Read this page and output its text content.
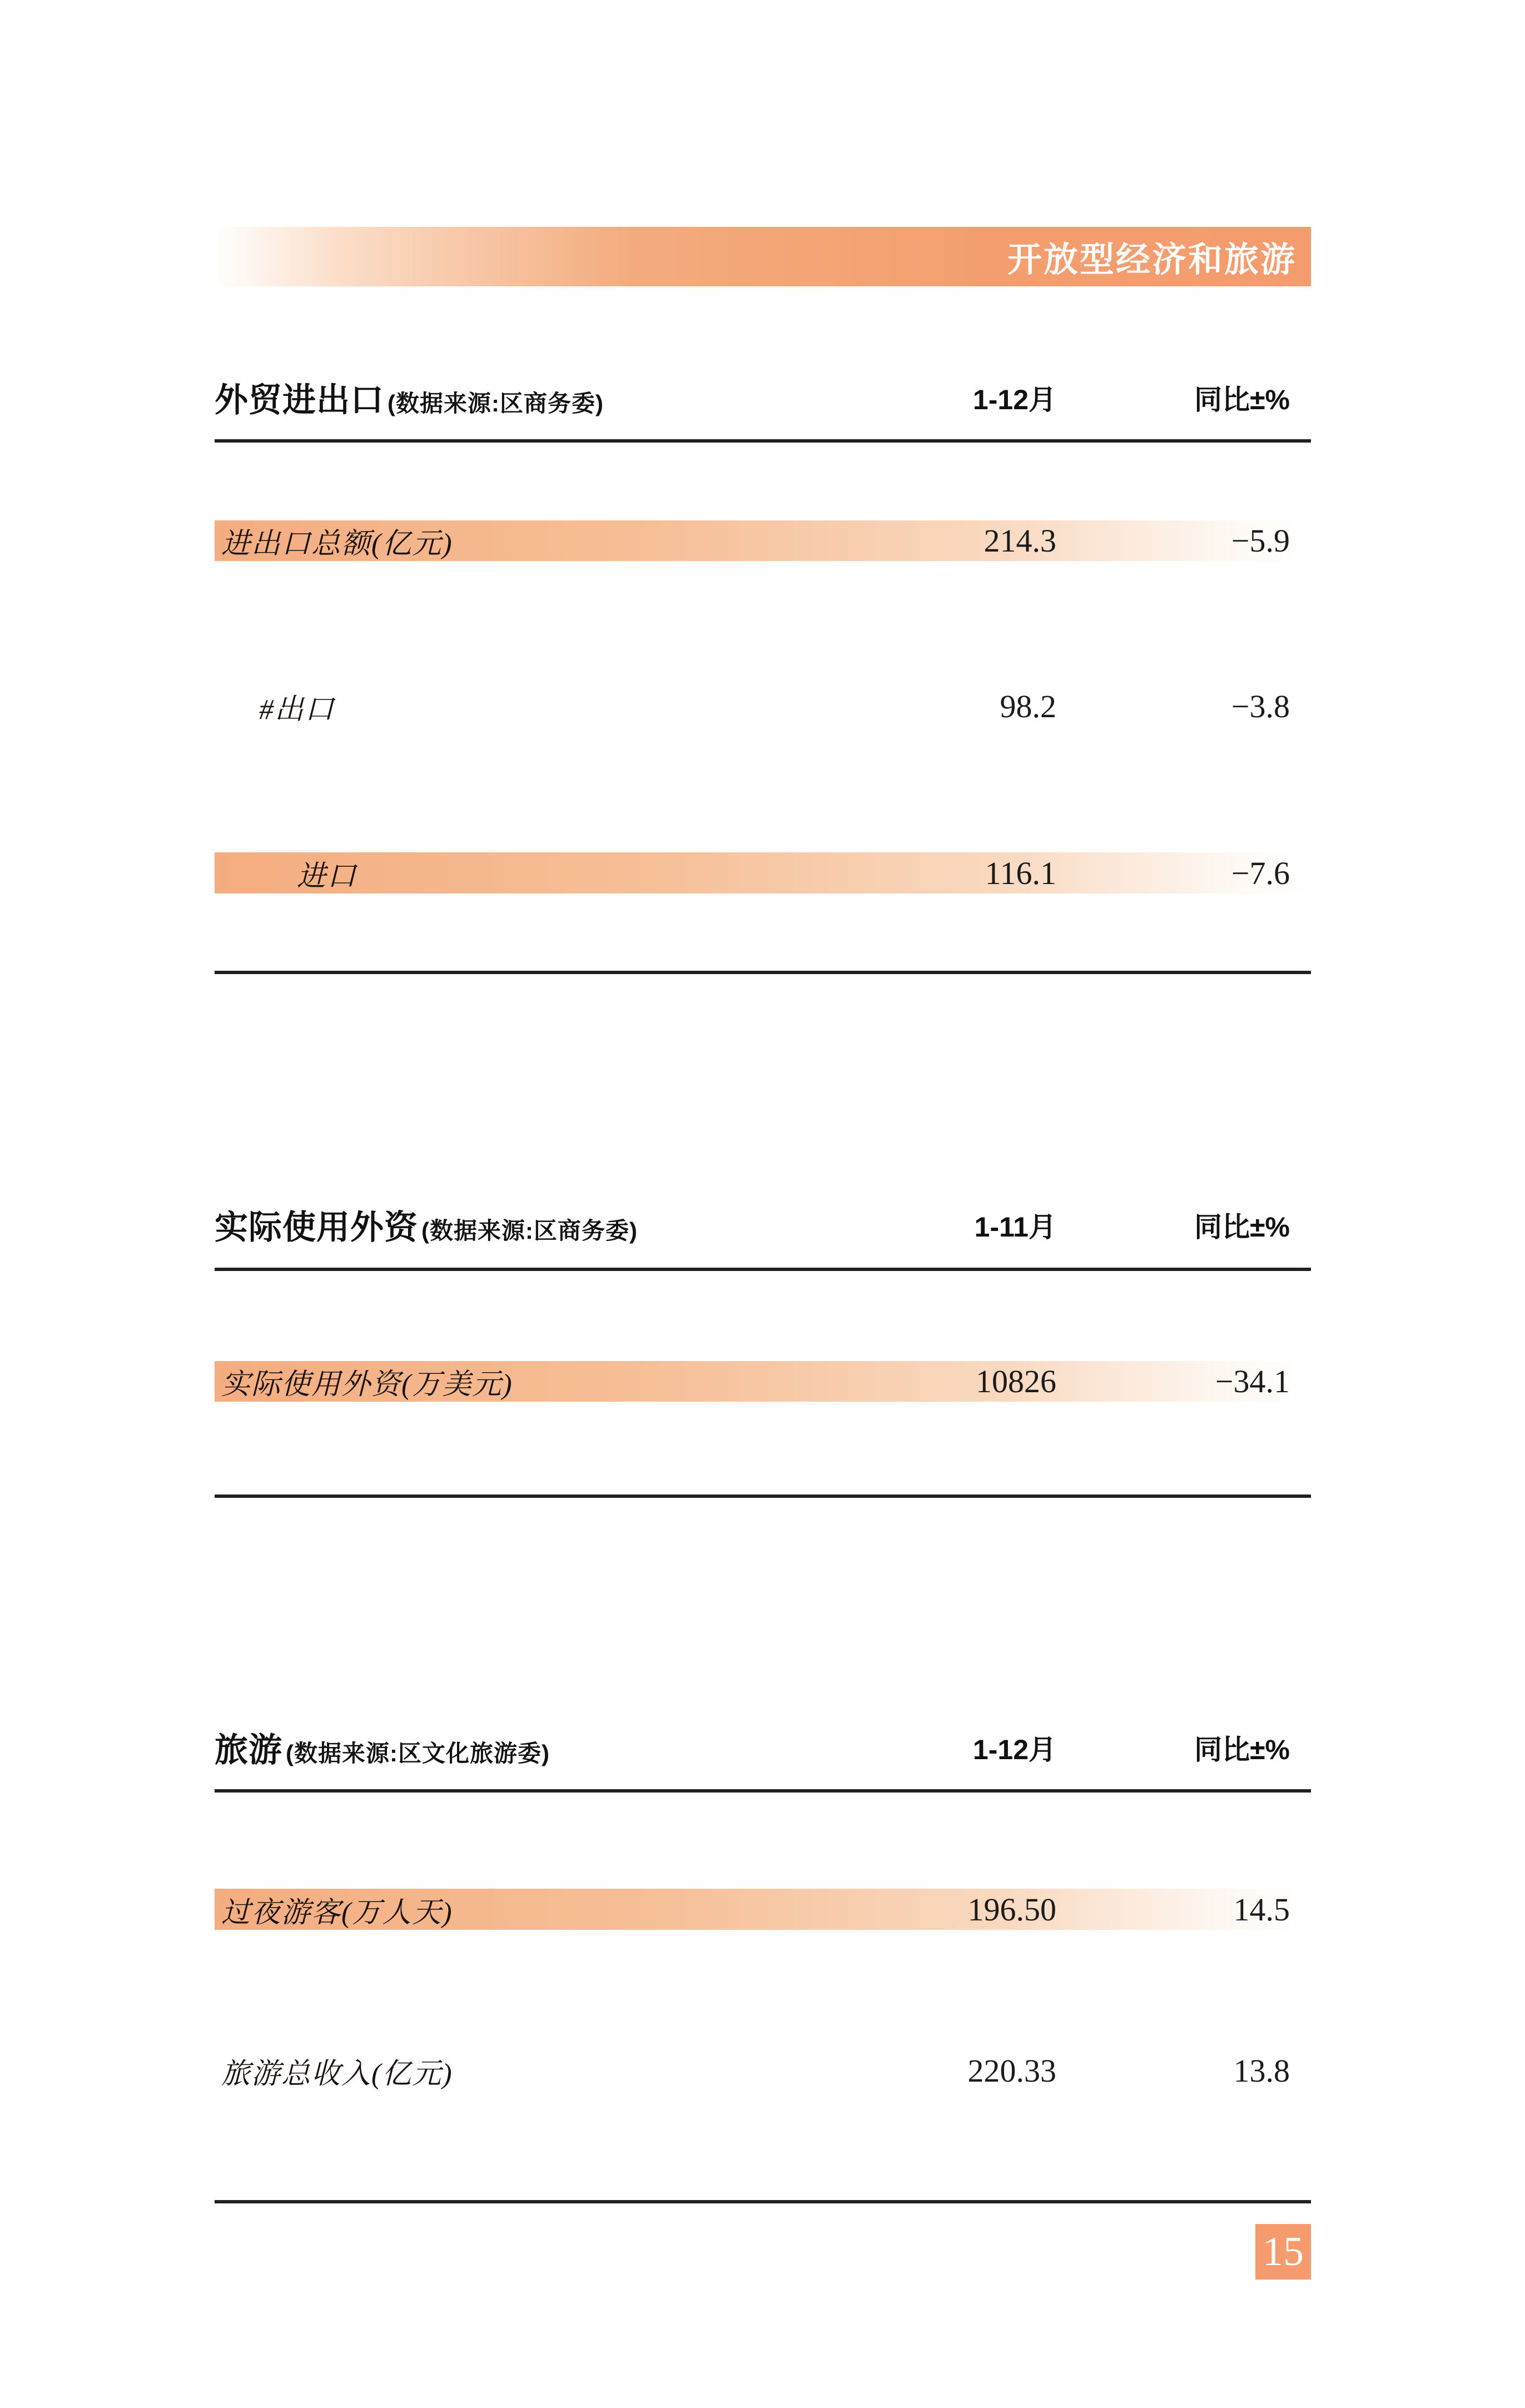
开放型经济和旅游
外贸进出口 (数据来源:区商务委)	1-12月	同比±%
进出口总额(亿元)	214.3	−5.9
#出口	98.2	−3.8
进口	116.1	−7.6
实际使用外资 (数据来源:区商务委)	1-11月	同比±%
实际使用外资(万美元)	10826	−34.1
旅游 (数据来源:区文化旅游委)	1-12月	同比±%
过夜游客(万人天)	196.50	14.5
旅游总收入(亿元)	220.33	13.8
15
